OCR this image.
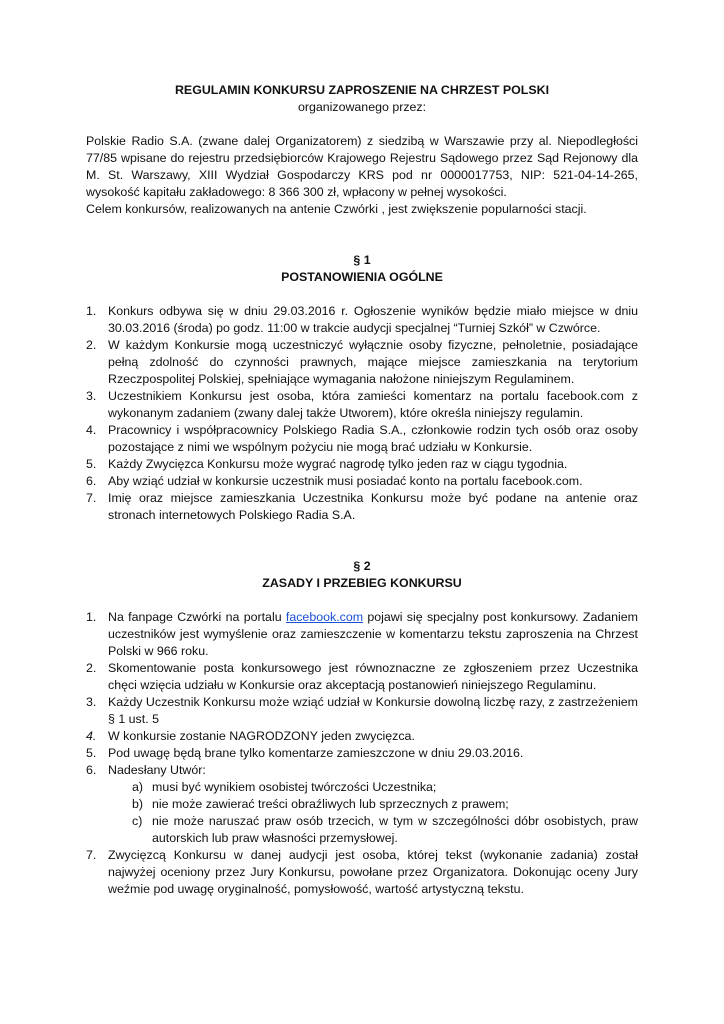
REGULAMIN KONKURSU ZAPROSZENIE NA CHRZEST POLSKI
organizowanego przez:

Polskie Radio S.A. (zwane dalej Organizatorem) z siedzibą w Warszawie przy al. Niepodległości 77/85 wpisane do rejestru przedsiębiorców Krajowego Rejestru Sądowego przez Sąd Rejonowy dla M. St. Warszawy, XIII Wydział Gospodarczy KRS pod nr 0000017753, NIP: 521-04-14-265, wysokość kapitału zakładowego: 8 366 300 zł, wpłacony w pełnej wysokości.

Celem konkursów, realizowanych na antenie Czwórki , jest zwiększenie popularności stacji.

§ 1
POSTANOWIENIA OGÓLNE
1. Konkurs odbywa się w dniu 29.03.2016 r. Ogłoszenie wyników będzie miało miejsce w dniu 30.03.2016 (środa) po godz. 11:00 w trakcie audycji specjalnej “Turniej Szkół” w Czwórce.
2. W każdym Konkursie mogą uczestniczyć wyłącznie osoby fizyczne, pełnoletnie, posiadające pełną zdolność do czynności prawnych, mające miejsce zamieszkania na terytorium Rzeczpospolitej Polskiej, spełniające wymagania nałożone niniejszym Regulaminem.
3. Uczestnikiem Konkursu jest osoba, która zamieści komentarz na portalu facebook.com z wykonanym zadaniem (zwany dalej także Utworem), które określa niniejszy regulamin.
4. Pracownicy i współpracownicy Polskiego Radia S.A., członkowie rodzin tych osób oraz osoby pozostające z nimi we wspólnym pożyciu nie mogą brać udziału w Konkursie.
5. Każdy Zwycięzca Konkursu może wygrać nagrodę tylko jeden raz w ciągu tygodnia.
6. Aby wziąć udział w konkursie uczestnik musi posiadać konto na portalu facebook.com.
7. Imię oraz miejsce zamieszkania Uczestnika Konkursu może być podane na antenie oraz stronach internetowych Polskiego Radia S.A.
§ 2
ZASADY I PRZEBIEG KONKURSU
1. Na fanpage Czwórki na portalu facebook.com pojawi się specjalny post konkursowy. Zadaniem uczestników jest wymyślenie oraz zamieszczenie w komentarzu tekstu zaproszenia na Chrzest Polski w 966 roku.
2. Skomentowanie posta konkursowego jest równoznaczne ze zgłoszeniem przez Uczestnika chęci wzięcia udziału w Konkursie oraz akceptacją postanowień niniejszego Regulaminu.
3. Każdy Uczestnik Konkursu może wziąć udział w Konkursie dowolną liczbę razy, z zastrzeżeniem § 1 ust. 5
4. W konkursie zostanie NAGRODZONY jeden zwycięzca.
5. Pod uwagę będą brane tylko komentarze zamieszczone w dniu 29.03.2016.
6. Nadesłany Utwór:
a) musi być wynikiem osobistej twórczości Uczestnika;
b) nie może zawierać treści obraźliwych lub sprzecznych z prawem;
c) nie może naruszać praw osób trzecich, w tym w szczególności dóbr osobistych, praw autorskich lub praw własności przemysłowej.
7. Zwycięzcą Konkursu w danej audycji jest osoba, której tekst (wykonanie zadania) został najwyżej oceniony przez Jury Konkursu, powołane przez Organizatora. Dokonując oceny Jury weźmie pod uwagę oryginalność, pomysłowość, wartość artystyczną tekstu.
